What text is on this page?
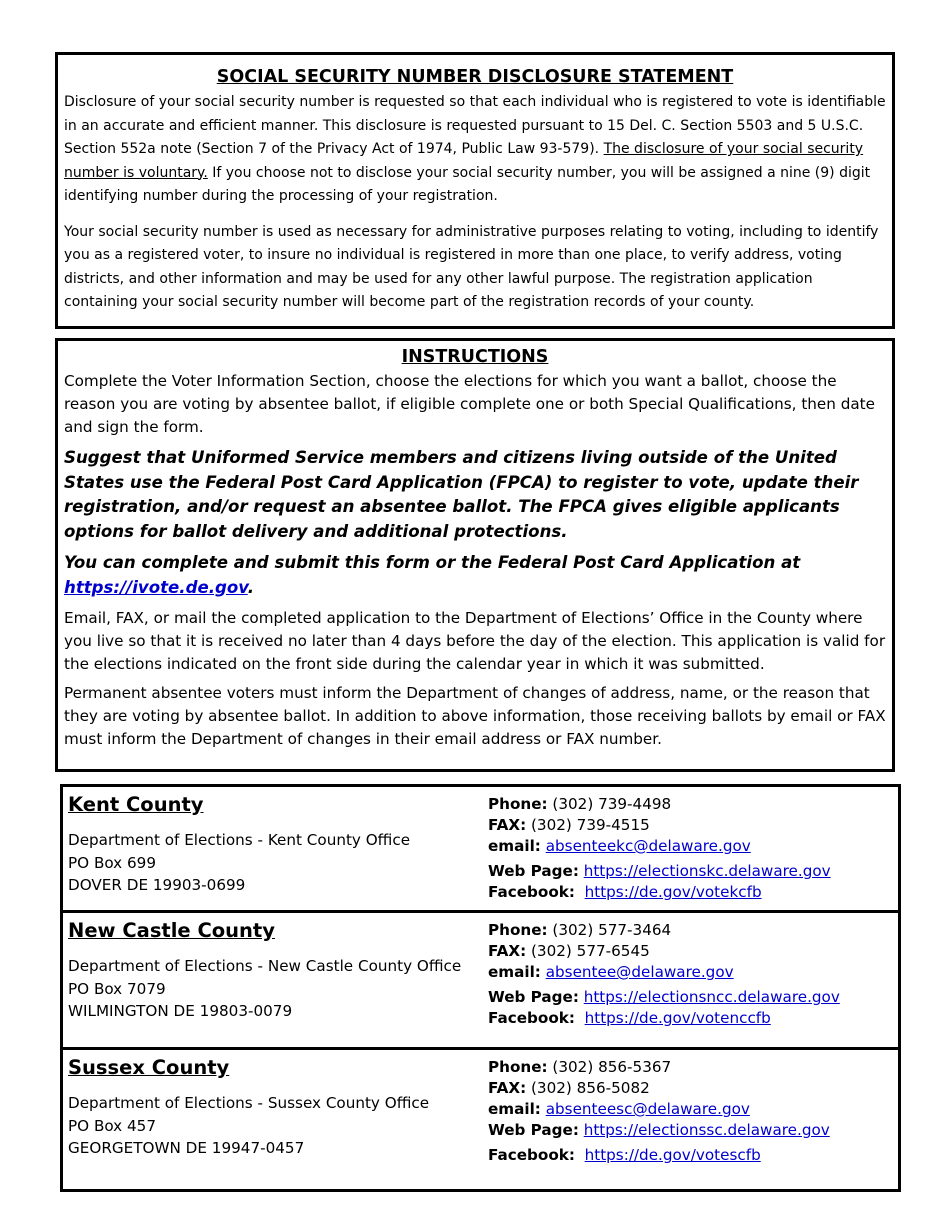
SOCIAL SECURITY NUMBER DISCLOSURE STATEMENT

Disclosure of your social security number is requested so that each individual who is registered to vote is identifiable in an accurate and efficient manner. This disclosure is requested pursuant to 15 Del. C. Section 5503 and 5 U.S.C. Section 552a note (Section 7 of the Privacy Act of 1974, Public Law 93-579). The disclosure of your social security number is voluntary. If you choose not to disclose your social security number, you will be assigned a nine (9) digit identifying number during the processing of your registration.

Your social security number is used as necessary for administrative purposes relating to voting, including to identify you as a registered voter, to insure no individual is registered in more than one place, to verify address, voting districts, and other information and may be used for any other lawful purpose. The registration application containing your social security number will become part of the registration records of your county.

INSTRUCTIONS

Complete the Voter Information Section, choose the elections for which you want a ballot, choose the reason you are voting by absentee ballot, if eligible complete one or both Special Qualifications, then date and sign the form.

Suggest that Uniformed Service members and citizens living outside of the United States use the Federal Post Card Application (FPCA) to register to vote, update their registration, and/or request an absentee ballot. The FPCA gives eligible applicants options for ballot delivery and additional protections.

You can complete and submit this form or the Federal Post Card Application at
https://ivote.de.gov.

Email, FAX, or mail the completed application to the Department of Elections’ Office in the County where you live so that it is received no later than 4 days before the day of the election. This application is valid for the elections indicated on the front side during the calendar year in which it was submitted.

Permanent absentee voters must inform the Department of changes of address, name, or the reason that they are voting by absentee ballot. In addition to above information, those receiving ballots by email or FAX must inform the Department of changes in their email address or FAX number.

Kent County
Department of Elections - Kent County Office
PO Box 699
DOVER DE 19903-0699
Phone: (302) 739-4498
FAX: (302) 739-4515
email: absenteekc@delaware.gov
Web Page: https://electionskc.delaware.gov
Facebook: https://de.gov/votekcfb
New Castle County
Department of Elections - New Castle County Office
PO Box 7079
WILMINGTON DE 19803-0079
Phone: (302) 577-3464
FAX: (302) 577-6545
email: absentee@delaware.gov
Web Page: https://electionsncc.delaware.gov
Facebook: https://de.gov/votenccfb
Sussex County
Department of Elections - Sussex County Office
PO Box 457
GEORGETOWN DE 19947-0457
Phone: (302) 856-5367
FAX: (302) 856-5082
email: absenteesc@delaware.gov
Web Page: https://electionssc.delaware.gov
Facebook: https://de.gov/votescfb
